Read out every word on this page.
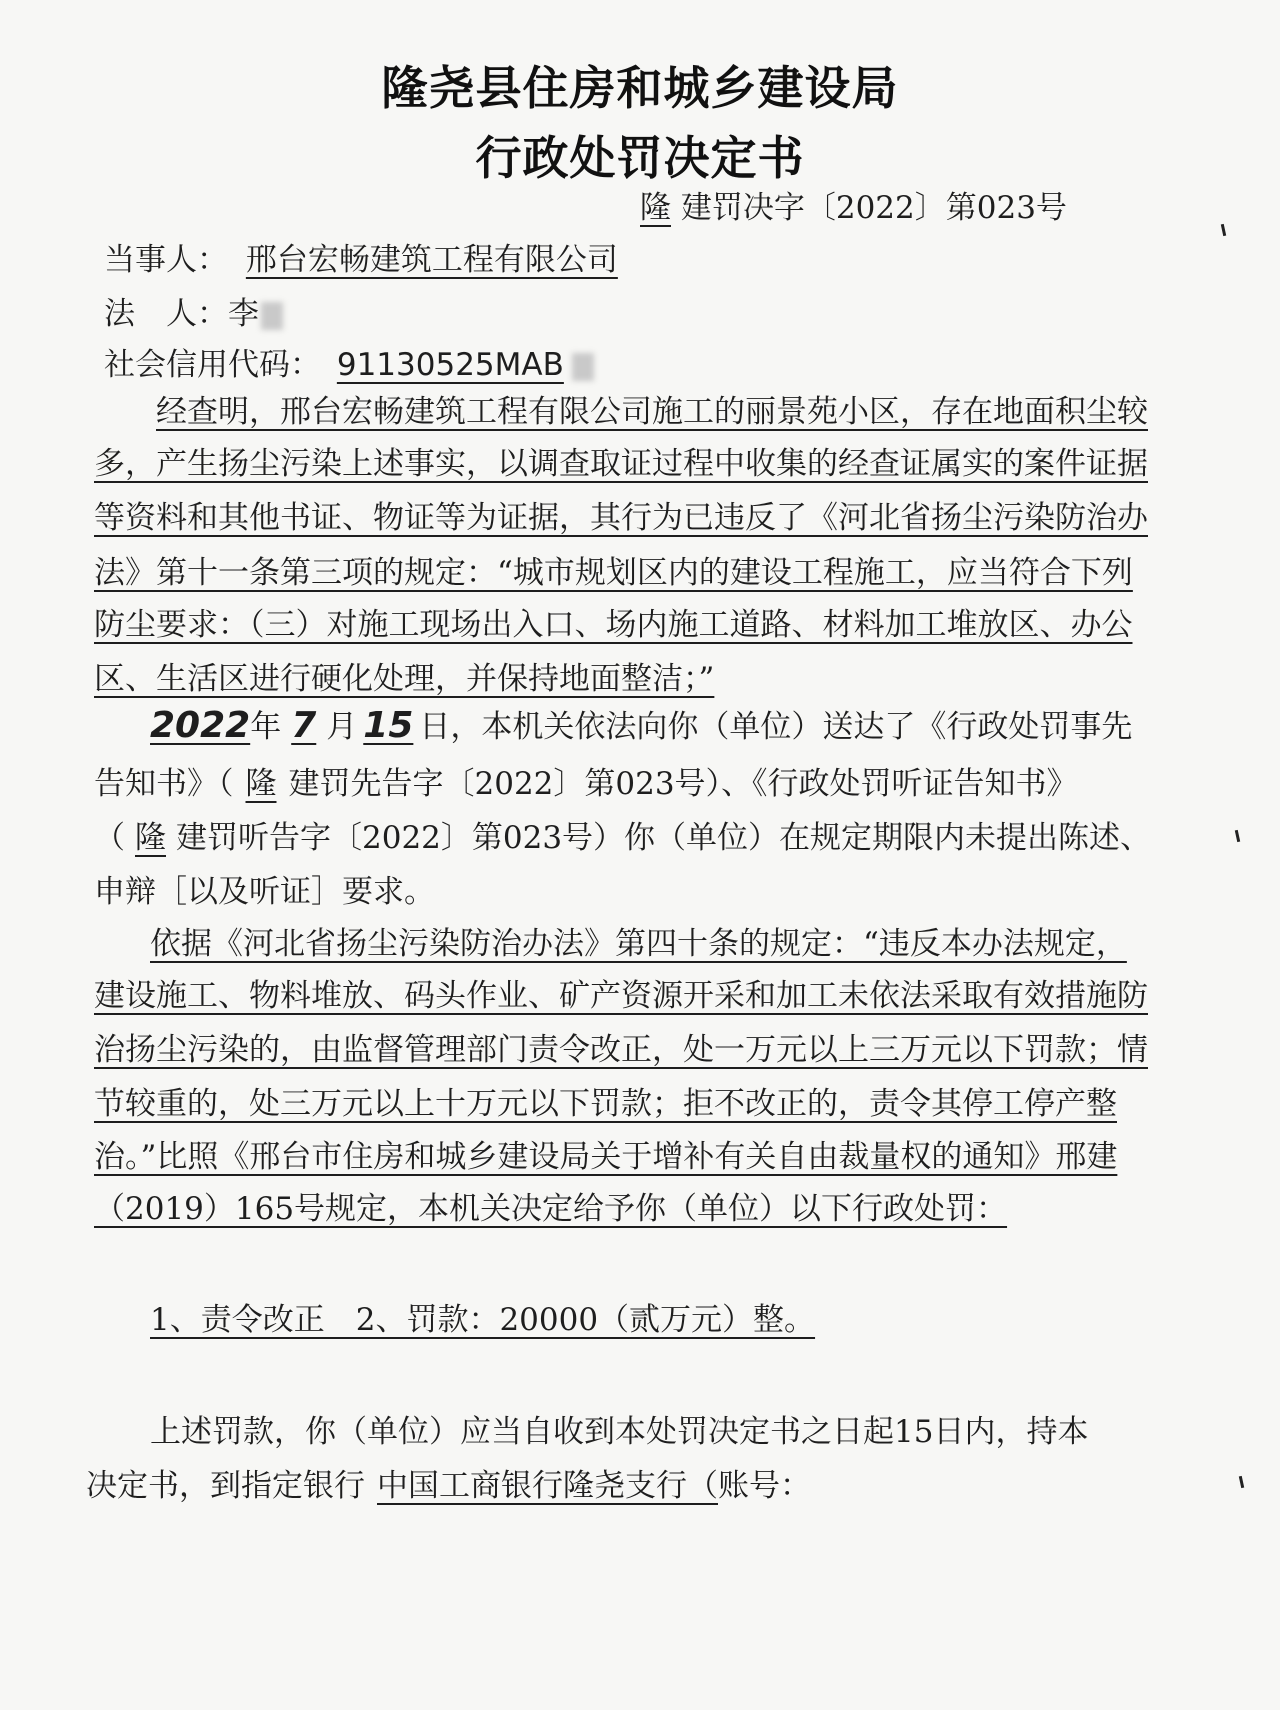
隆尧县住房和城乡建设局
行政处罚决定书
隆 建罚决字〔2022〕第023号
当事人： 邢台宏畅建筑工程有限公司
法　人：李
社会信用代码： 91130525MAB
经查明，邢台宏畅建筑工程有限公司施工的丽景苑小区，存在地面积尘较
多，产生扬尘污染上述事实，以调查取证过程中收集的经查证属实的案件证据
等资料和其他书证、物证等为证据，其行为已违反了《河北省扬尘污染防治办
法》第十一条第三项的规定：“城市规划区内的建设工程施工，应当符合下列
防尘要求：（三）对施工现场出入口、场内施工道路、材料加工堆放区、办公
区、生活区进行硬化处理，并保持地面整洁；”
2022年 7 月 15 日，本机关依法向你（单位）送达了《行政处罚事先
告知书》（ 隆 建罚先告字〔2022〕第023号）、《行政处罚听证告知书》
（ 隆 建罚听告字〔2022〕第023号）你（单位）在规定期限内未提出陈述、
申辩［以及听证］要求。
依据《河北省扬尘污染防治办法》第四十条的规定：“违反本办法规定，
建设施工、物料堆放、码头作业、矿产资源开采和加工未依法采取有效措施防
治扬尘污染的，由监督管理部门责令改正，处一万元以上三万元以下罚款；情
节较重的，处三万元以上十万元以下罚款；拒不改正的，责令其停工停产整
治。”比照《邢台市住房和城乡建设局关于增补有关自由裁量权的通知》邢建
（2019）165号规定，本机关决定给予你（单位）以下行政处罚：
1、责令改正　2、罚款：20000（贰万元）整。
上述罚款，你（单位）应当自收到本处罚决定书之日起15日内，持本
决定书，到指定银行 中国工商银行隆尧支行（账号：
